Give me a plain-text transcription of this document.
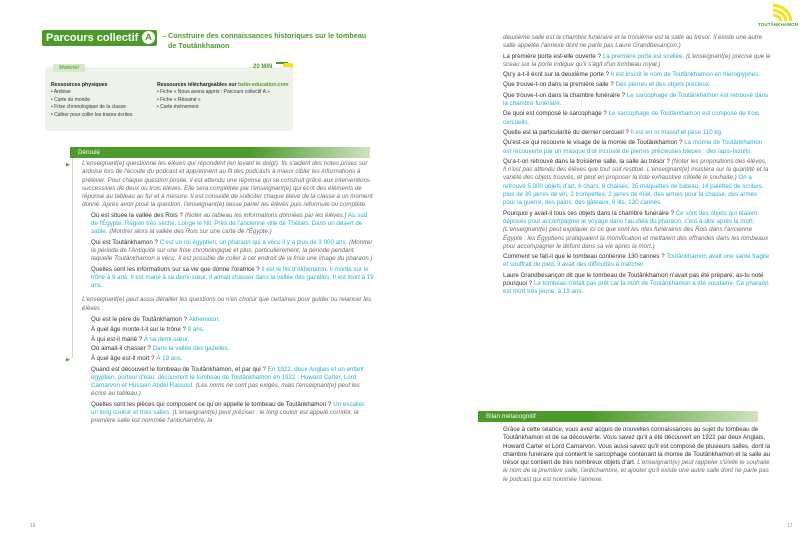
Parcours collectif A	→ Construire des connaissances historiques sur le tombeau de Toutânkhamon
Matériel	20 MIN
Ressources physiques
• Ardoise
• Carte du monde
• Frise chronologique de la classe
• Cahier pour coller les traces écrites
Ressources téléchargeables sur belin-education.com
• Fiche « Nous avons appris : Parcours collectif A »
• Fiche « Résumé »
• Carte événement
Déroulé
▶
▶

L'enseignant(e) questionne les élèves qui répondent (en levant le doigt). Ils s'aident des notes prises sur ardoise lors de l'écoute du podcast et apprennent au fil des podcasts à mieux cibler les informations à prélever. Pour chaque question posée, il est attendu une réponse qui se construit grâce aux interventions successives de deux ou trois élèves. Elle sera complétée par l'enseignant(e) qui écrit des éléments de réponse au tableau au fur et à mesure. Il est conseillé de solliciter chaque élève de la classe à un moment donné. Après avoir posé la question, l'enseignant(e) laisse parler les élèves puis reformule ou complète.

Où est située la vallée des Rois ? (Noter au tableau les informations données par les élèves.) Au sud de l'Égypte. Région très sèche. Longe le Nil. Près de l'ancienne ville de Thèbes. Dans un désert de sable. (Montrer alors la vallée des Rois sur une carte de l'Égypte.)

Qui est Toutânkhamon ? C'est un roi égyptien, un pharaon qui a vécu il y a plus de 3 000 ans. (Montrer la période de l'Antiquité sur une frise chronologique et plus, particulièrement, la période pendant laquelle Toutânkhamon a vécu. Il est possible de coller à cet endroit de la frise une image du pharaon.)

Quelles sont les informations sur sa vie que donne l'oratrice ? Il est le fils d'Akhenaton. Il monte sur le trône à 9 ans. Il est marié à sa demi-sœur. Il aimait chasser dans la vallée des gazelles. Il est mort à 19 ans.

L'enseignant(e) peut aussi détailler les questions ou n'en choisir que certaines pour guider ou relancer les élèves :

Qui est le père de Toutânkhamon ? Akhenaton.

À quel âge monte-t-il sur le trône ? 9 ans.

À qui est-il marié ? À sa demi-sœur.

Où aimait-il chasser ? Dans la vallée des gazelles.

À quel âge est-il mort ? À 19 ans.

Quand est découvert le tombeau de Toutânkhamon, et par qui ? En 1922, deux Anglais et un enfant égyptien, porteur d'eau, découvrent le tombeau de Toutânkhamon en 1922 : Howard Carter, Lord Carnarvon et Hussein Abdel Rassoul. (Les noms ne sont pas exigés, mais l'enseignant(e) peut les écrire au tableau.)

Quelles sont les pièces qui composent ce qu'on appelle le tombeau de Toutânkhamon ? Un escalier, un long couloir et trois salles. (L'enseignant(e) peut préciser : le long couloir est appelé corridor, la première salle est nommée l'antichambre, la

16

deuxième salle est la chambre funéraire et la troisième est la salle au trésor. Il existe une autre salle appelée l'annexe dont ne parle pas Laure Grandbesançon.)

La première porte est-elle ouverte ? La première porte est scellée. (L'enseignant(e) précise que le sceau sur la porte indique qu'il s'agit d'un tombeau royal.)

Qu'y a-t-il écrit sur la deuxième porte ? Il est inscrit le nom de Toutânkhamon en hiéroglyphes.

Que trouve-t-on dans la première salle ? Des pierres et des objets précieux.

Que trouve-t-on dans la chambre funéraire ? Le sarcophage de Toutânkhamon est retrouvé dans la chambre funéraire.

De quoi est composé le sarcophage ? Le sarcophage de Toutânkhamon est composé de trois cercueils.

Quelle est la particularité du dernier cercueil ? Il est en or massif et pèse 110 kg.

Qu'est-ce qui recouvre le visage de la momie de Toutânkhamon ? La momie de Toutânkhamon est recouverte par un masque d'or incrusté de pierres précieuses bleues : des lapis-lazulis.

Qu'a-t-on retrouvé dans la troisième salle, la salle au trésor ? (Noter les propositions des élèves. Il n'est pas attendu des élèves que tout soit restitué. L'enseignant(e) insistera sur la quantité et la variété des objets trouvés, et peut en proposer la liste exhaustive s'il/elle le souhaite.) On a retrouvé 5 000 objets d'art, 6 chars, 6 chaises, 35 maquettes de bateau, 14 palettes de scribes, plus de 30 jarres de vin, 2 trompettes, 2 jarres de miel, des armes pour la chasse, des armes pour la guerre, des pains, des gâteaux, 6 lits, 130 cannes.

Pourquoi y avait-il tous ces objets dans la chambre funéraire ? Ce sont des objets qui étaient déposés pour accompagner le voyage dans l'au-delà du pharaon, c'est-à-dire après la mort. (L'enseignant(e) peut expliquer ici ce que sont les rites funéraires des Rois dans l'ancienne Égypte : les Égyptiens pratiquaient la momification et mettaient des offrandes dans les tombeaux pour accompagner le défunt dans sa vie après la mort.)

Comment se fait-il que le tombeau contienne 130 cannes ? Toutânkhamon avait une santé fragile et souffrait du pied, il avait des difficultés à marcher.

Laure Grandbesançon dit que le tombeau de Toutânkhamon n'avait pas été préparé, as-tu noté pourquoi ? Le tombeau n'était pas prêt car la mort de Toutânkhamon a été soudaine. Ce pharaon est mort très jeune, à 19 ans.

Bilan métacognitif

Grâce à cette séance, vous avez acquis de nouvelles connaissances au sujet du tombeau de Toutânkhamon et de sa découverte. Vous savez qu'il a été découvert en 1922 par deux Anglais, Howard Carter et Lord Carnarvon. Vous aussi savez qu'il est composé de plusieurs salles, dont la chambre funéraire qui contient le sarcophage contenant la momie de Toutânkhamon et la salle au trésor qui contient de très nombreux objets d'art. L'enseignant(e) peut rappeler s'il/elle le souhaite le nom de la première salle, l'antichambre, et ajouter qu'il existe une autre salle dont ne parle pas le podcast qui est nommée l'annexe.

TOUTÂNKHAMON
17
